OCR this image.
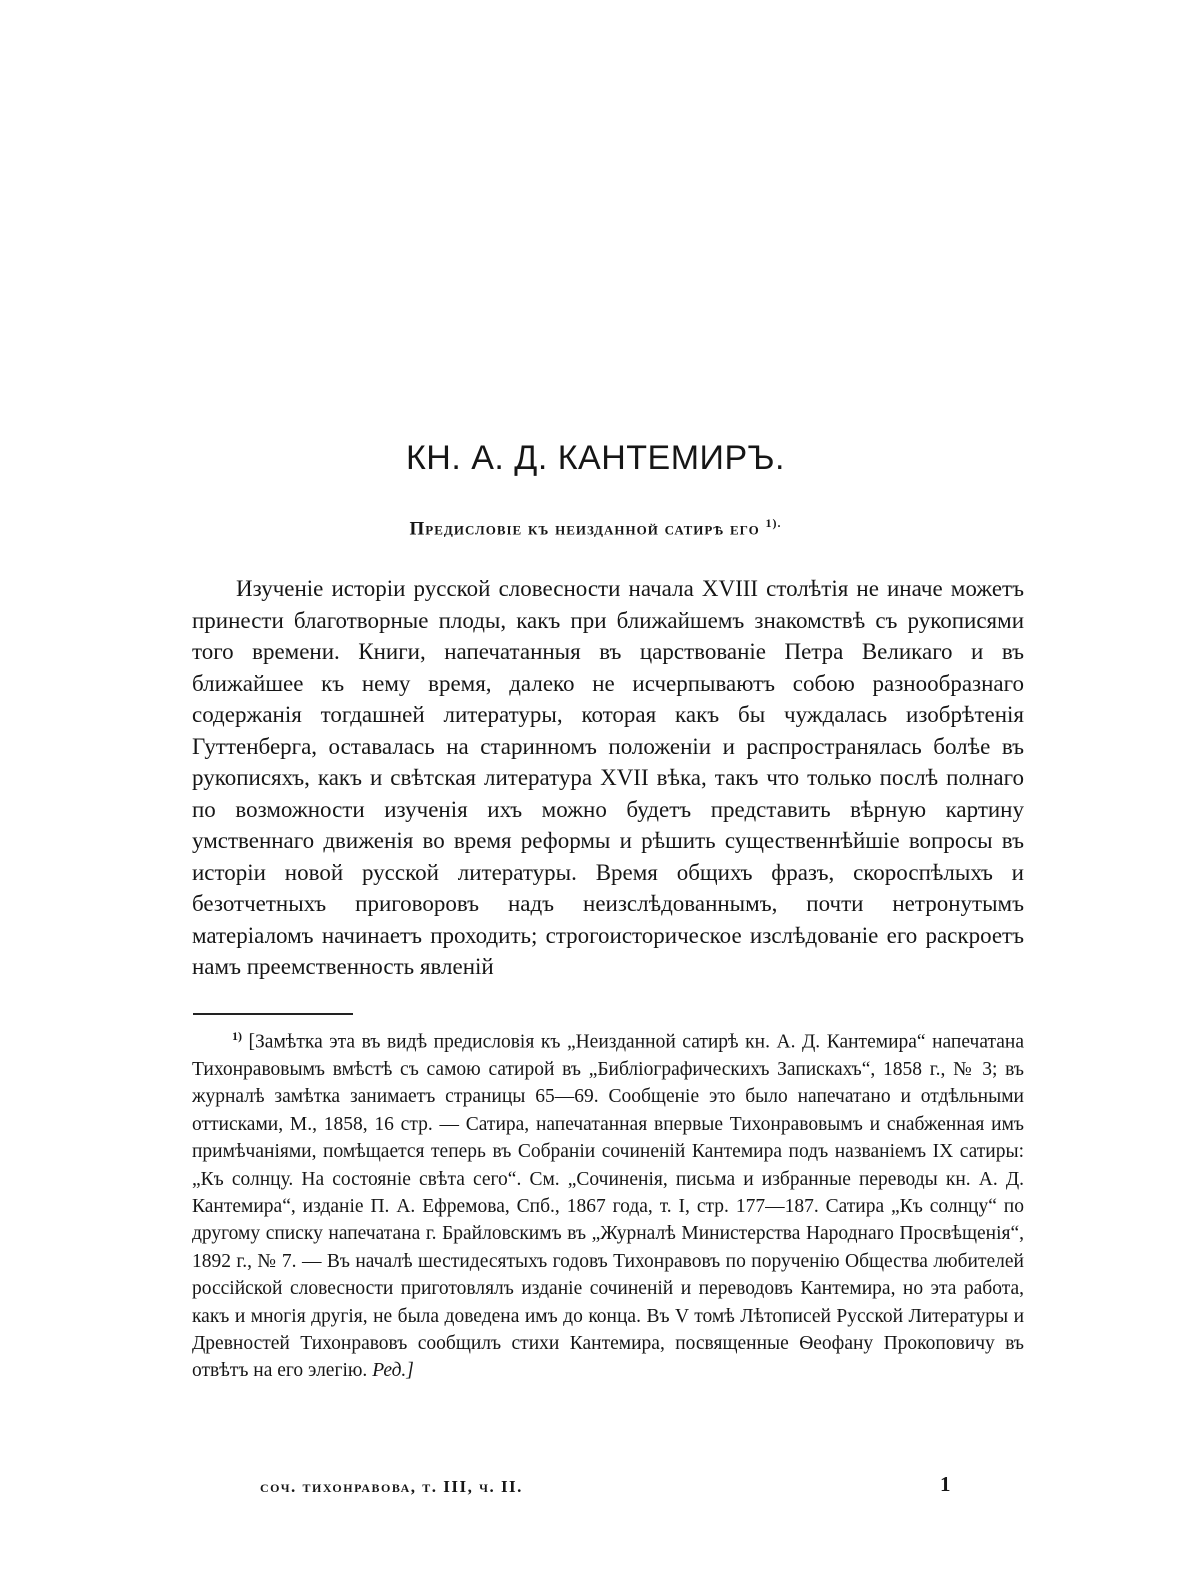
КН. А. Д. КАНТЕМИРЪ.
Предисловіе къ неизданной сатирѣ его $^{1).}$

Изученіе исторіи русской словесности начала XVIII столѣтія не иначе можетъ принести благотворные плоды, какъ при ближайшемъ знакомствѣ съ рукописями того времени. Книги, напечатанныя въ царствованіе Петра Великаго и въ ближайшее къ нему время, далеко не исчерпываютъ собою разнообразнаго содержанія тогдашней литературы, которая какъ бы чуждалась изобрѣтенія Гуттенберга, оставалась на старинномъ положеніи и распространялась болѣе въ рукописяхъ, какъ и свѣтская литература XVII вѣка, такъ что только послѣ полнаго по возможности изученія ихъ можно будетъ представить вѣрную картину умственнаго движенія во время реформы и рѣшить существеннѣйшіе вопросы въ исторіи новой русской литературы. Время общихъ фразъ, скороспѣлыхъ и безотчетныхъ приговоровъ надъ неизслѣдованнымъ, почти нетронутымъ матеріаломъ начинаетъ проходить; строгоисторическое изслѣдованіе его раскроетъ намъ преемственность явленій

$^{1)}$ [Замѣтка эта въ видѣ предисловія къ „Неизданной сатирѣ кн. А. Д. Кантемира“ напечатана Тихонравовымъ вмѣстѣ съ самою сатирой въ „Библіографическихъ Запискахъ“, 1858 г., № 3; въ журналѣ замѣтка занимаетъ страницы 65—69. Сообщеніе это было напечатано и отдѣльными оттисками, М., 1858, 16 стр. — Сатира, напечатанная впервые Тихонравовымъ и снабженная имъ примѣчаніями, помѣщается теперь въ Собраніи сочиненій Кантемира подъ названіемъ IX сатиры: „Къ солнцу. На состояніе свѣта сего“. См. „Сочиненія, письма и избранные переводы кн. А. Д. Кантемира“, изданіе П. А. Ефремова, Спб., 1867 года, т. I, стр. 177—187. Сатира „Къ солнцу“ по другому списку напечатана г. Брайловскимъ въ „Журналѣ Министерства Народнаго Просвѣщенія“, 1892 г., № 7. — Въ началѣ шестидесятыхъ годовъ Тихонравовъ по порученію Общества любителей россійской словесности приготовлялъ изданіе сочиненій и переводовъ Кантемира, но эта работа, какъ и многія другія, не была доведена имъ до конца. Въ V томѣ Лѣтописей Русской Литературы и Древностей Тихонравовъ сообщилъ стихи Кантемира, посвященные Ѳеофану Прокоповичу въ отвѣтъ на его элегію. Ред.]

соч. тихонравова, т. III, ч. II.	1
